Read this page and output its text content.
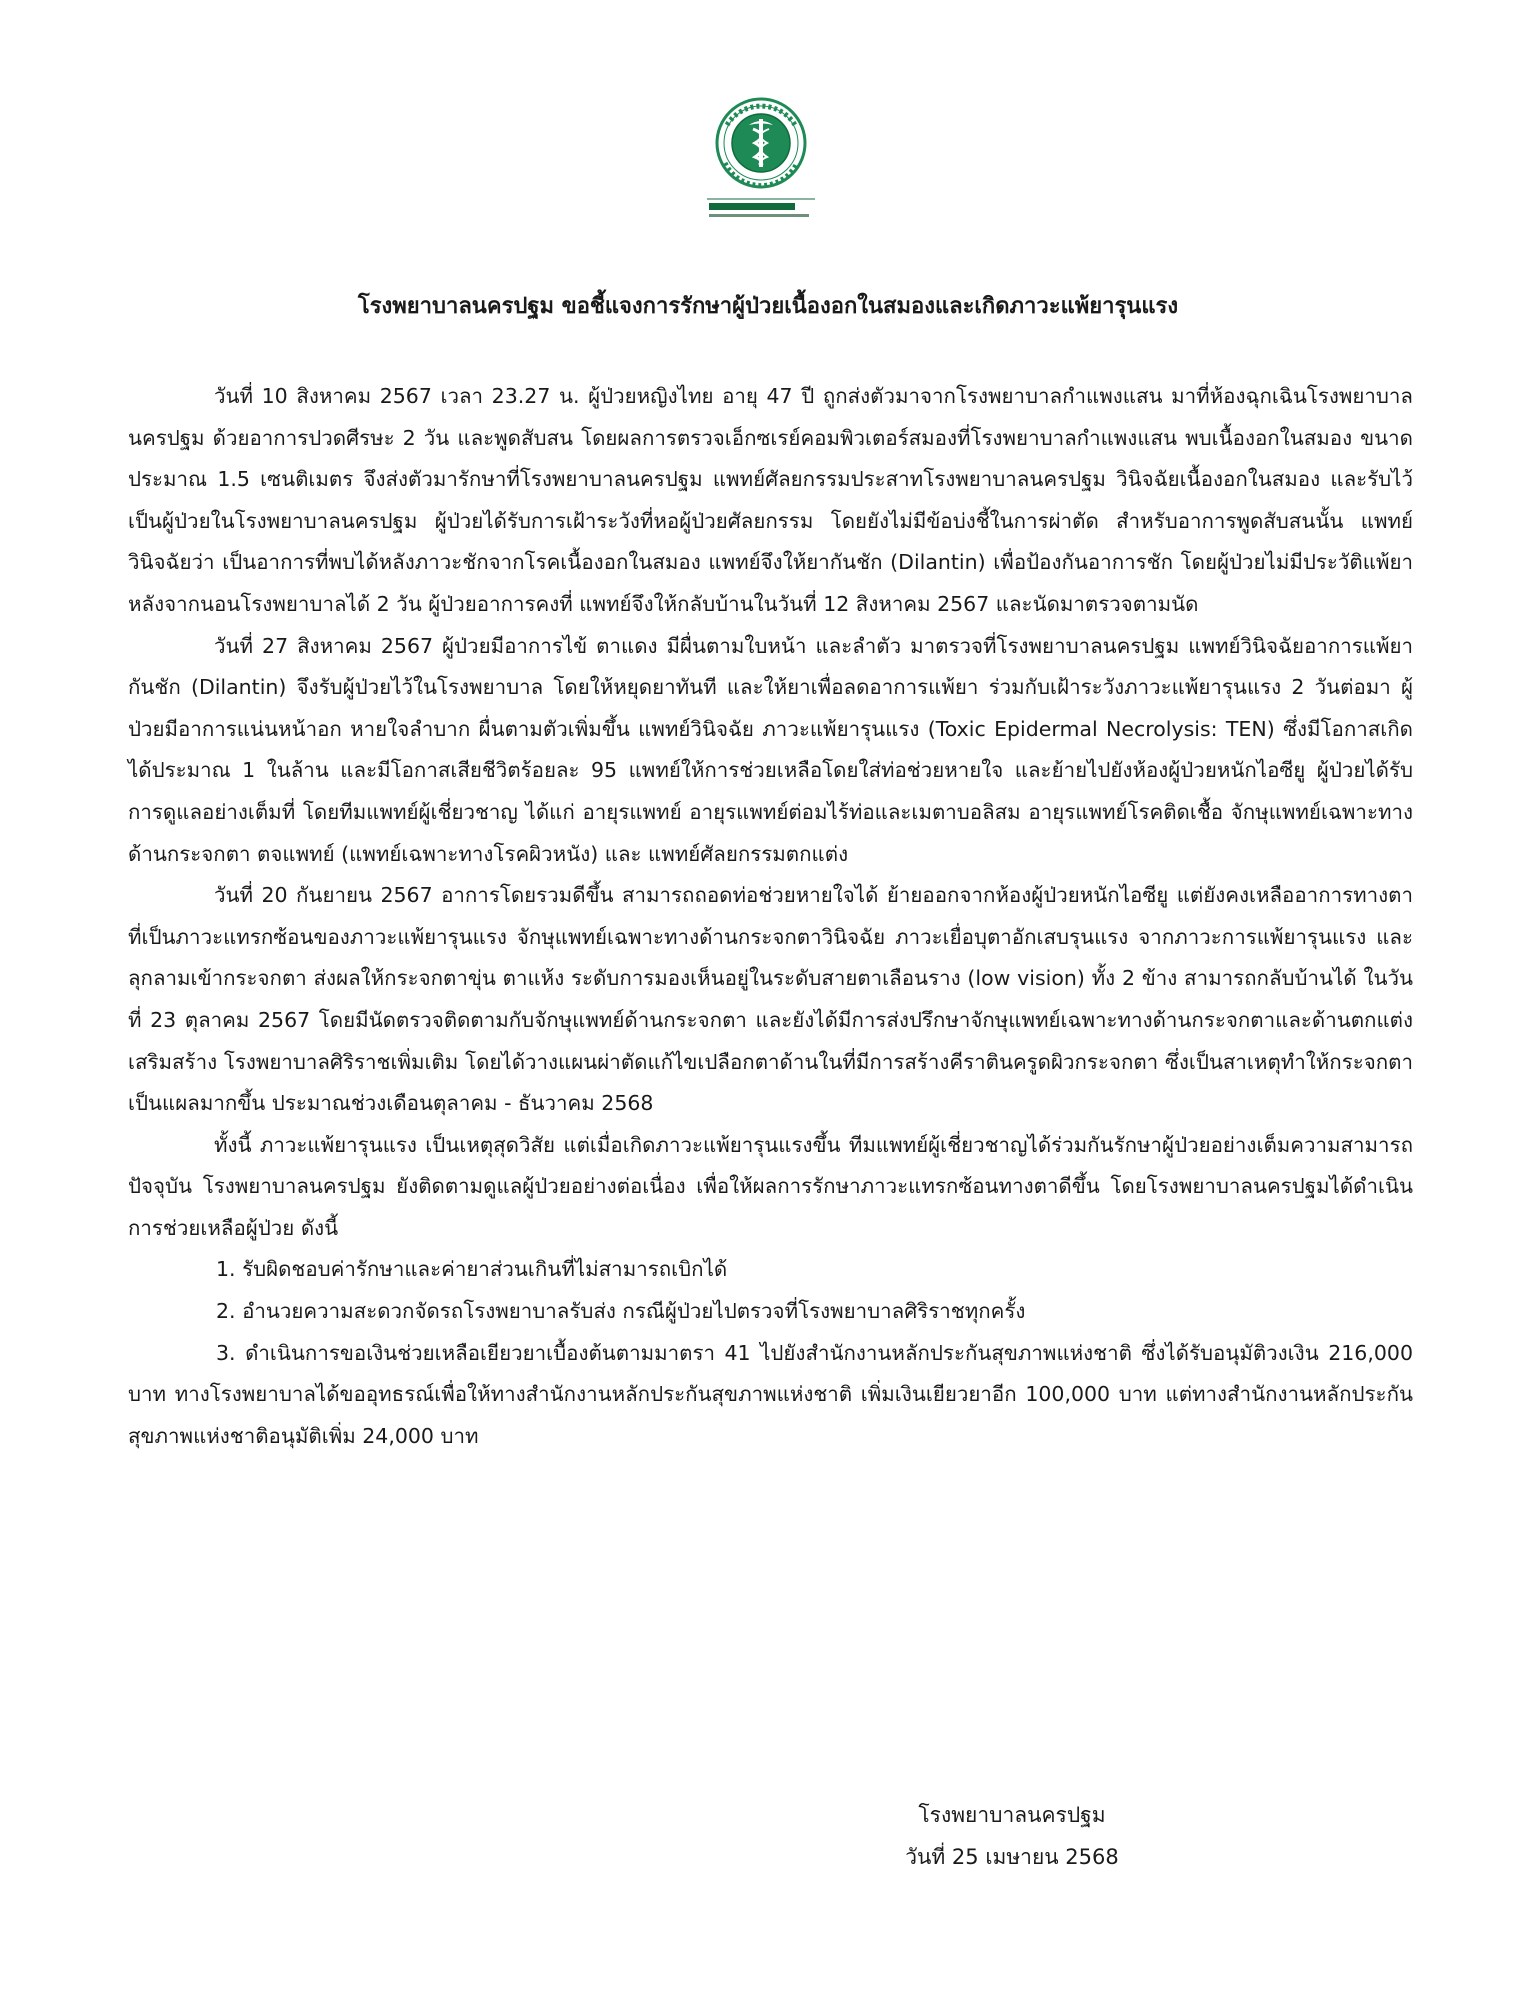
โรงพยาบาลนครปฐม ขอชี้แจงการรักษาผู้ป่วยเนื้องอกในสมองและเกิดภาวะแพ้ยารุนแรง

วันที่ 10 สิงหาคม 2567 เวลา 23.27 น. ผู้ป่วยหญิงไทย อายุ 47 ปี ถูกส่งตัวมาจากโรงพยาบาลกำแพงแสน มาที่ห้องฉุกเฉินโรงพยาบาลนครปฐม ด้วยอาการปวดศีรษะ 2 วัน และพูดสับสน โดยผลการตรวจเอ็กซเรย์คอมพิวเตอร์สมองที่โรงพยาบาลกำแพงแสน พบเนื้องอกในสมอง ขนาดประมาณ 1.5 เซนติเมตร จึงส่งตัวมารักษาที่โรงพยาบาลนครปฐม แพทย์ศัลยกรรมประสาทโรงพยาบาลนครปฐม วินิจฉัยเนื้องอกในสมอง และรับไว้เป็นผู้ป่วยในโรงพยาบาลนครปฐม ผู้ป่วยได้รับการเฝ้าระวังที่หอผู้ป่วยศัลยกรรม โดยยังไม่มีข้อบ่งชี้ในการผ่าตัด สำหรับอาการพูดสับสนนั้น แพทย์วินิจฉัยว่า เป็นอาการที่พบได้หลังภาวะชักจากโรคเนื้องอกในสมอง แพทย์จึงให้ยากันชัก (Dilantin) เพื่อป้องกันอาการชัก โดยผู้ป่วยไม่มีประวัติแพ้ยา หลังจากนอนโรงพยาบาลได้ 2 วัน ผู้ป่วยอาการคงที่ แพทย์จึงให้กลับบ้านในวันที่ 12 สิงหาคม 2567 และนัดมาตรวจตามนัด

วันที่ 27 สิงหาคม 2567 ผู้ป่วยมีอาการไข้ ตาแดง มีผื่นตามใบหน้า และลำตัว มาตรวจที่โรงพยาบาลนครปฐม แพทย์วินิจฉัยอาการแพ้ยากันชัก (Dilantin) จึงรับผู้ป่วยไว้ในโรงพยาบาล โดยให้หยุดยาทันที และให้ยาเพื่อลดอาการแพ้ยา ร่วมกับเฝ้าระวังภาวะแพ้ยารุนแรง 2 วันต่อมา ผู้ป่วยมีอาการแน่นหน้าอก หายใจลำบาก ผื่นตามตัวเพิ่มขึ้น แพทย์วินิจฉัย ภาวะแพ้ยารุนแรง (Toxic Epidermal Necrolysis: TEN) ซึ่งมีโอกาสเกิดได้ประมาณ 1 ในล้าน และมีโอกาสเสียชีวิตร้อยละ 95 แพทย์ให้การช่วยเหลือโดยใส่ท่อช่วยหายใจ และย้ายไปยังห้องผู้ป่วยหนักไอซียู ผู้ป่วยได้รับการดูแลอย่างเต็มที่ โดยทีมแพทย์ผู้เชี่ยวชาญ ได้แก่ อายุรแพทย์ อายุรแพทย์ต่อมไร้ท่อและเมตาบอลิสม อายุรแพทย์โรคติดเชื้อ จักษุแพทย์เฉพาะทางด้านกระจกตา ตจแพทย์ (แพทย์เฉพาะทางโรคผิวหนัง) และ แพทย์ศัลยกรรมตกแต่ง

วันที่ 20 กันยายน 2567 อาการโดยรวมดีขึ้น สามารถถอดท่อช่วยหายใจได้ ย้ายออกจากห้องผู้ป่วยหนักไอซียู แต่ยังคงเหลืออาการทางตา ที่เป็นภาวะแทรกซ้อนของภาวะแพ้ยารุนแรง จักษุแพทย์เฉพาะทางด้านกระจกตาวินิจฉัย ภาวะเยื่อบุตาอักเสบรุนแรง จากภาวะการแพ้ยารุนแรง และลุกลามเข้ากระจกตา ส่งผลให้กระจกตาขุ่น ตาแห้ง ระดับการมองเห็นอยู่ในระดับสายตาเลือนราง (low vision) ทั้ง 2 ข้าง สามารถกลับบ้านได้ ในวันที่ 23 ตุลาคม 2567 โดยมีนัดตรวจติดตามกับจักษุแพทย์ด้านกระจกตา และยังได้มีการส่งปรึกษาจักษุแพทย์เฉพาะทางด้านกระจกตาและด้านตกแต่งเสริมสร้าง โรงพยาบาลศิริราชเพิ่มเติม โดยได้วางแผนผ่าตัดแก้ไขเปลือกตาด้านในที่มีการสร้างคีราตินครูดผิวกระจกตา ซึ่งเป็นสาเหตุทำให้กระจกตาเป็นแผลมากขึ้น ประมาณช่วงเดือนตุลาคม - ธันวาคม 2568

ทั้งนี้ ภาวะแพ้ยารุนแรง เป็นเหตุสุดวิสัย แต่เมื่อเกิดภาวะแพ้ยารุนแรงขึ้น ทีมแพทย์ผู้เชี่ยวชาญได้ร่วมกันรักษาผู้ป่วยอย่างเต็มความสามารถ ปัจจุบัน โรงพยาบาลนครปฐม ยังติดตามดูแลผู้ป่วยอย่างต่อเนื่อง เพื่อให้ผลการรักษาภาวะแทรกซ้อนทางตาดีขึ้น โดยโรงพยาบาลนครปฐมได้ดำเนินการช่วยเหลือผู้ป่วย ดังนี้

1. รับผิดชอบค่ารักษาและค่ายาส่วนเกินที่ไม่สามารถเบิกได้

2. อำนวยความสะดวกจัดรถโรงพยาบาลรับส่ง กรณีผู้ป่วยไปตรวจที่โรงพยาบาลศิริราชทุกครั้ง

3. ดำเนินการขอเงินช่วยเหลือเยียวยาเบื้องต้นตามมาตรา 41 ไปยังสำนักงานหลักประกันสุขภาพแห่งชาติ ซึ่งได้รับอนุมัติวงเงิน 216,000 บาท ทางโรงพยาบาลได้ขออุทธรณ์เพื่อให้ทางสำนักงานหลักประกันสุขภาพแห่งชาติ เพิ่มเงินเยียวยาอีก 100,000 บาท แต่ทางสำนักงานหลักประกันสุขภาพแห่งชาติอนุมัติเพิ่ม 24,000 บาท

โรงพยาบาลนครปฐม
วันที่ 25 เมษายน 2568
